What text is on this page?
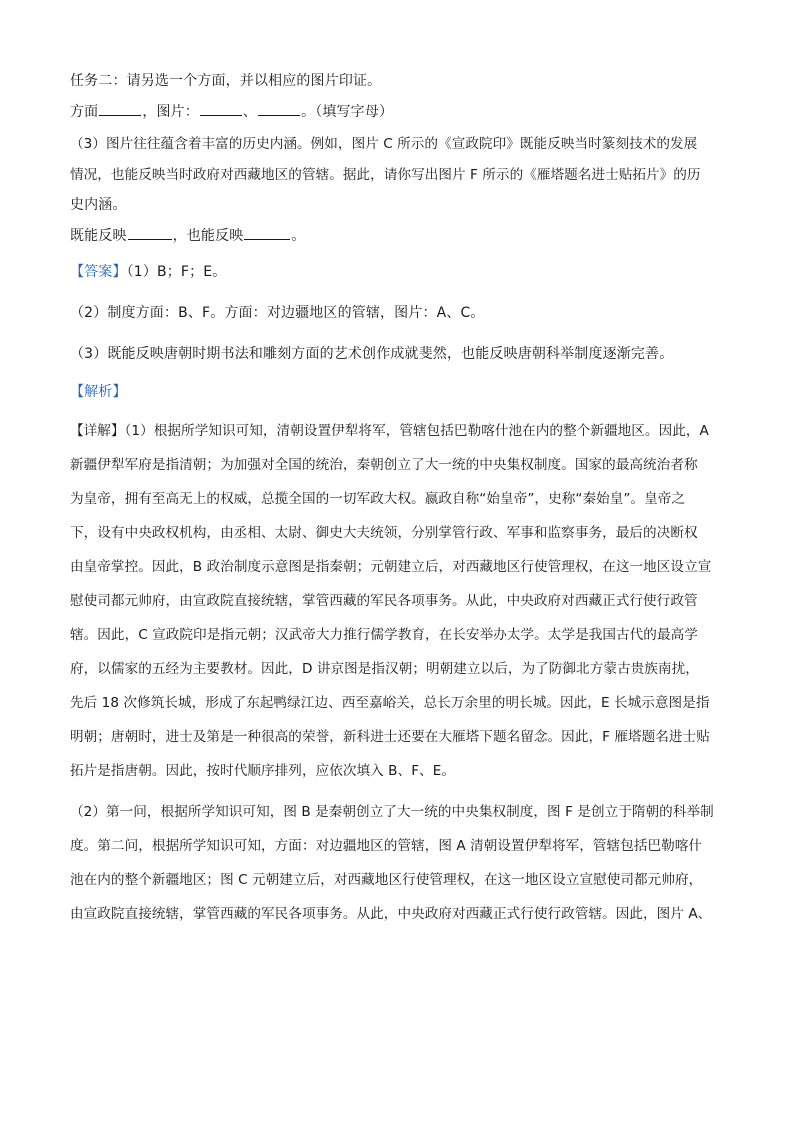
任务二：请另选一个方面，并以相应的图片印证。
方面	，图片：	、	。（填写字母）
（3）图片往往蕴含着丰富的历史内涵。例如，图片 C 所示的《宣政院印》既能反映当时篆刻技术的发展
情况，也能反映当时政府对西藏地区的管辖。据此，请你写出图片 F 所示的《雁塔题名进士贴拓片》的历
史内涵。
既能反映	，也能反映	。
【答案】（1）B；F；E。
（2）制度方面：B、F。方面：对边疆地区的管辖，图片：A、C。
（3）既能反映唐朝时期书法和雕刻方面的艺术创作成就斐然，也能反映唐朝科举制度逐渐完善。
【解析】
【详解】（1）根据所学知识可知，清朝设置伊犁将军，管辖包括巴勒喀什池在内的整个新疆地区。因此，A
新疆伊犁军府是指清朝；为加强对全国的统治，秦朝创立了大一统的中央集权制度。国家的最高统治者称
为皇帝，拥有至高无上的权威，总揽全国的一切军政大权。嬴政自称“始皇帝”，史称“秦始皇”。皇帝之
下，设有中央政权机构，由丞相、太尉、御史大夫统领，分别掌管行政、军事和监察事务，最后的决断权
由皇帝掌控。因此，B 政治制度示意图是指秦朝；元朝建立后，对西藏地区行使管理权，在这一地区设立宣
慰使司都元帅府，由宣政院直接统辖，掌管西藏的军民各项事务。从此，中央政府对西藏正式行使行政管
辖。因此，C 宣政院印是指元朝；汉武帝大力推行儒学教育，在长安举办太学。太学是我国古代的最高学
府，以儒家的五经为主要教材。因此，D 讲京图是指汉朝；明朝建立以后，为了防御北方蒙古贵族南扰，
先后 18 次修筑长城，形成了东起鸭绿江边、西至嘉峪关，总长万余里的明长城。因此，E 长城示意图是指
明朝；唐朝时，进士及第是一种很高的荣誉，新科进士还要在大雁塔下题名留念。因此，F 雁塔题名进士贴
拓片是指唐朝。因此，按时代顺序排列，应依次填入 B、F、E。
（2）第一问，根据所学知识可知，图 B 是秦朝创立了大一统的中央集权制度，图 F 是创立于隋朝的科举制
度。第二问，根据所学知识可知，方面：对边疆地区的管辖，图 A 清朝设置伊犁将军，管辖包括巴勒喀什
池在内的整个新疆地区；图 C 元朝建立后，对西藏地区行使管理权，在这一地区设立宣慰使司都元帅府，
由宣政院直接统辖，掌管西藏的军民各项事务。从此，中央政府对西藏正式行使行政管辖。因此，图片 A、
